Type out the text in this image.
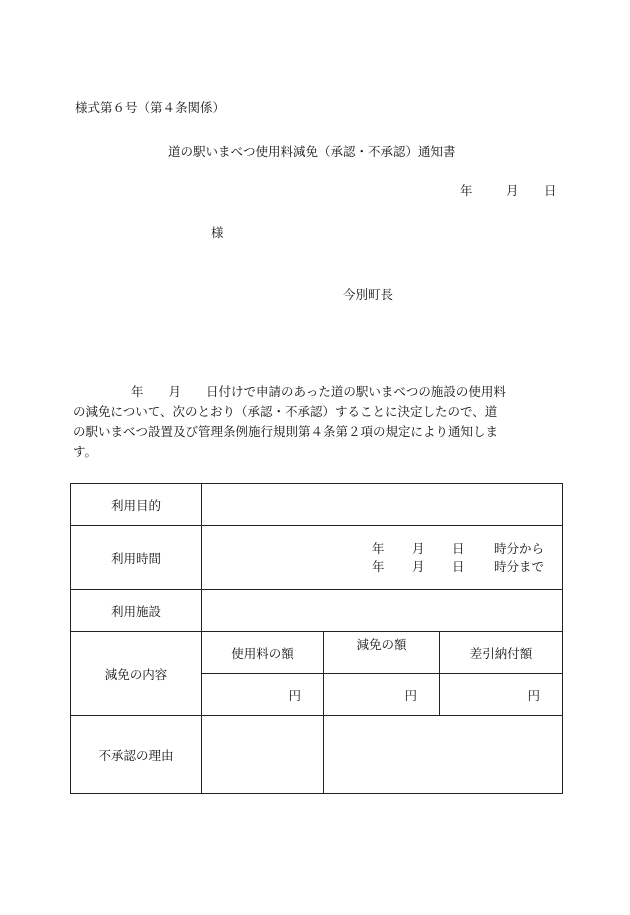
様式第６号（第４条関係）
道の駅いまべつ使用料減免（承認・不承認）通知書
年	月 日
様
今別町長

年　　月　　日付けで申請のあった道の駅いまべつの施設の使用料

の減免について、次のとおり（承認・不承認）することに決定したので、道

の駅いまべつ設置及び管理条例施行規則第４条第２項の規定により通知しま

す。

利用目的			
利用時間	年 月 日 時分から
年 月 日 時分まで		

利用施設			
減免の内容	使用料の額	減免の額	差引納付額
	円	円	円
不承認の理由			
